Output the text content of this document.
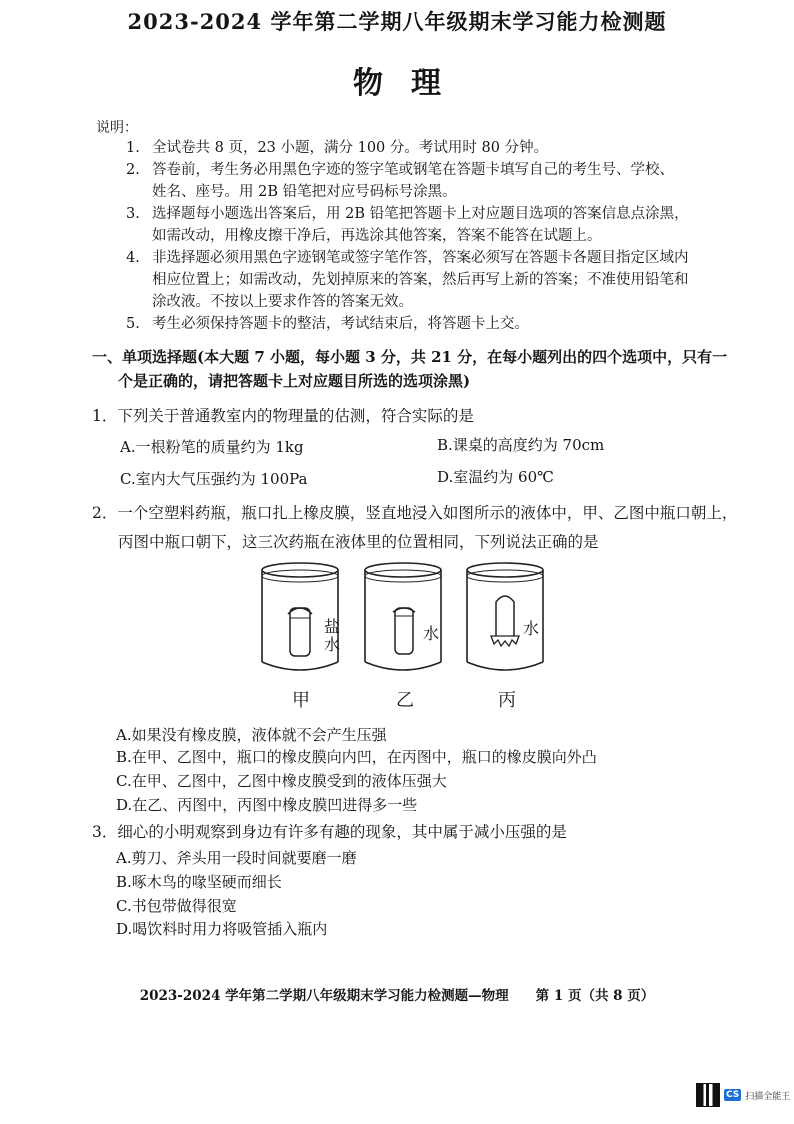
2023-2024 学年第二学期八年级期末学习能力检测题
物理
说明：
1. 全试卷共 8 页，23 小题，满分 100 分。考试用时 80 分钟。
2. 答卷前，考生务必用黑色字迹的签字笔或钢笔在答题卡填写自己的考生号、学校、
姓名、座号。用 2B 铅笔把对应号码标号涂黑。
3. 选择题每小题选出答案后，用 2B 铅笔把答题卡上对应题目选项的答案信息点涂黑，
如需改动，用橡皮擦干净后，再选涂其他答案，答案不能答在试题上。
4. 非选择题必须用黑色字迹钢笔或签字笔作答，答案必须写在答题卡各题目指定区域内
相应位置上；如需改动，先划掉原来的答案，然后再写上新的答案；不准使用铅笔和
涂改液。不按以上要求作答的答案无效。
5. 考生必须保持答题卡的整洁，考试结束后，将答题卡上交。
一、单项选择题(本大题 7 小题，每小题 3 分，共 21 分，在每小题列出的四个选项中，只有一
个是正确的，请把答题卡上对应题目所选的选项涂黑)
1．下列关于普通教室内的物理量的估测，符合实际的是
A.一根粉笔的质量约为 1kg	B.课桌的高度约为 70cm
C.室内大气压强约为 100Pa	D.室温约为 60℃
2．一个空塑料药瓶，瓶口扎上橡皮膜，竖直地浸入如图所示的液体中，甲、乙图中瓶口朝上，
丙图中瓶口朝下，这三次药瓶在液体里的位置相同，下列说法正确的是
盐水
水	水
甲	乙	丙
A.如果没有橡皮膜，液体就不会产生压强
B.在甲、乙图中，瓶口的橡皮膜向内凹，在丙图中，瓶口的橡皮膜向外凸
C.在甲、乙图中，乙图中橡皮膜受到的液体压强大
D.在乙、丙图中，丙图中橡皮膜凹进得多一些
3．细心的小明观察到身边有许多有趣的现象，其中属于减小压强的是
A.剪刀、斧头用一段时间就要磨一磨
B.啄木鸟的喙坚硬而细长
C.书包带做得很宽
D.喝饮料时用力将吸管插入瓶内
2023-2024 学年第二学期八年级期末学习能力检测题—物理　　第 1 页（共 8 页）
CS 扫描全能王
